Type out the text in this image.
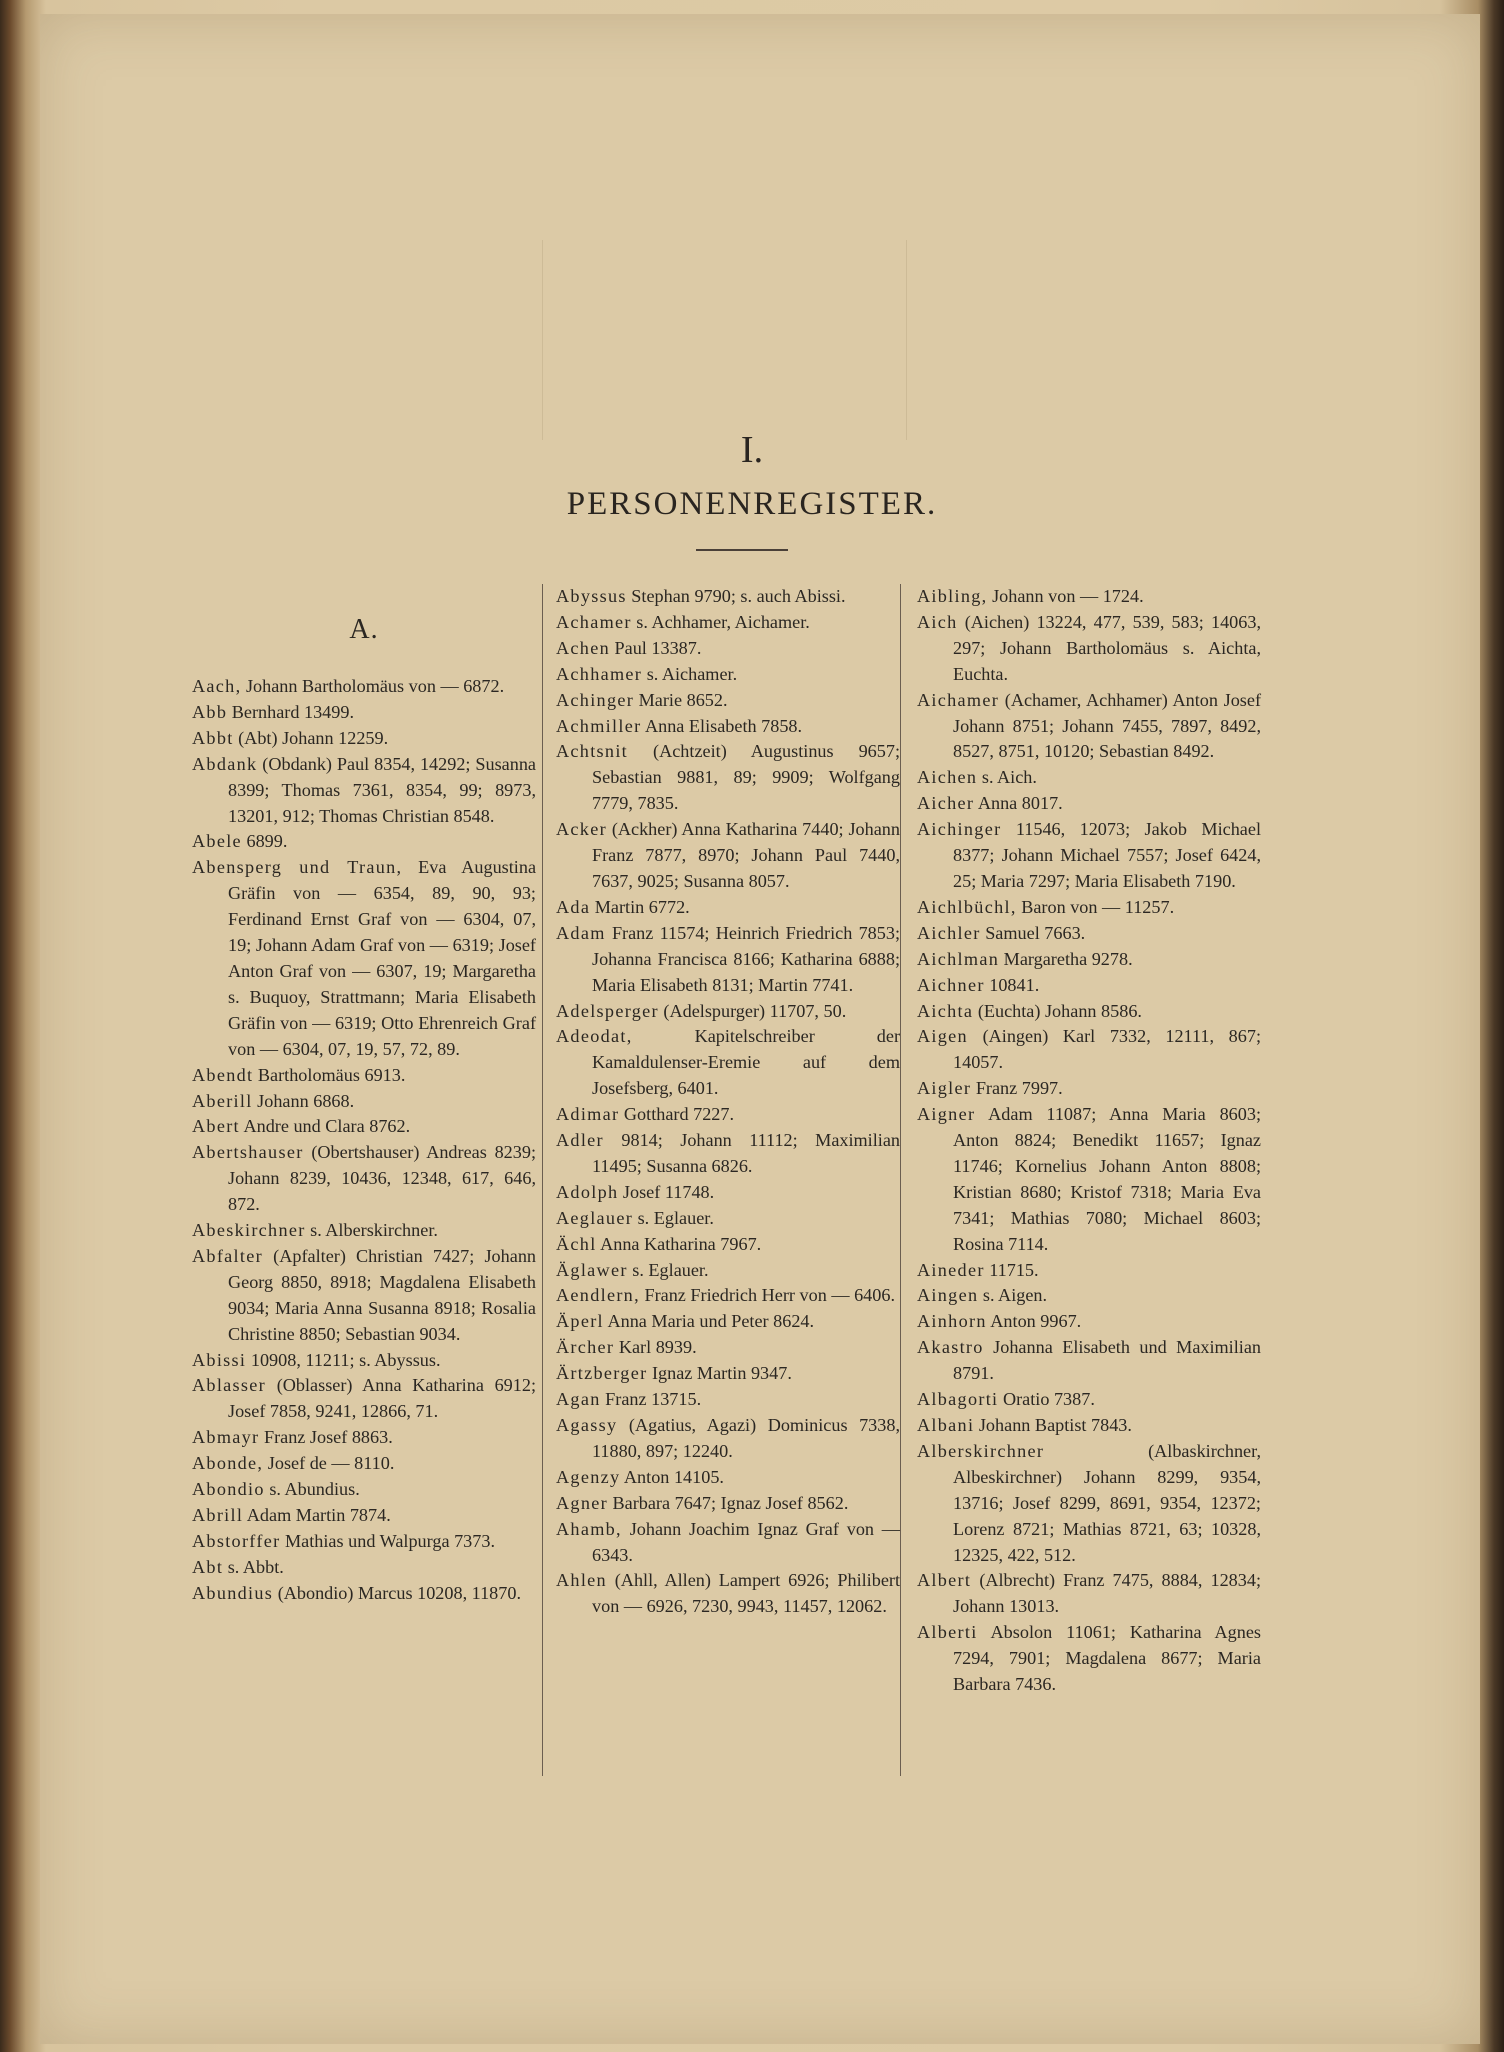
I.
PERSONENREGISTER.
A.
Aach, Johann Bartholomäus von — 6872.
Abb Bernhard 13499.
Abbt (Abt) Johann 12259.
Abdank (Obdank) Paul 8354, 14292; Susanna 8399; Thomas 7361, 8354, 99; 8973, 13201, 912; Thomas Christian 8548.
Abele 6899.
Abensperg und Traun, Eva Augustina Gräfin von — 6354, 89, 90, 93; Ferdinand Ernst Graf von — 6304, 07, 19; Johann Adam Graf von — 6319; Josef Anton Graf von — 6307, 19; Margaretha s. Buquoy, Strattmann; Maria Elisabeth Gräfin von — 6319; Otto Ehrenreich Graf von — 6304, 07, 19, 57, 72, 89.
Abendt Bartholomäus 6913.
Aberill Johann 6868.
Abert Andre und Clara 8762.
Abertshauser (Obertshauser) Andreas 8239; Johann 8239, 10436, 12348, 617, 646, 872.
Abeskirchner s. Alberskirchner.
Abfalter (Apfalter) Christian 7427; Johann Georg 8850, 8918; Magdalena Elisabeth 9034; Maria Anna Susanna 8918; Rosalia Christine 8850; Sebastian 9034.
Abissi 10908, 11211; s. Abyssus.
Ablasser (Oblasser) Anna Katharina 6912; Josef 7858, 9241, 12866, 71.
Abmayr Franz Josef 8863.
Abonde, Josef de — 8110.
Abondio s. Abundius.
Abrill Adam Martin 7874.
Abstorffer Mathias und Walpurga 7373.
Abt s. Abbt.
Abundius (Abondio) Marcus 10208, 11870.
Abyssus Stephan 9790; s. auch Abissi.
Achamer s. Achhamer, Aichamer.
Achen Paul 13387.
Achhamer s. Aichamer.
Achinger Marie 8652.
Achmiller Anna Elisabeth 7858.
Achtsnit (Achtzeit) Augustinus 9657; Sebastian 9881, 89; 9909; Wolfgang 7779, 7835.
Acker (Ackher) Anna Katharina 7440; Johann Franz 7877, 8970; Johann Paul 7440, 7637, 9025; Susanna 8057.
Ada Martin 6772.
Adam Franz 11574; Heinrich Friedrich 7853; Johanna Francisca 8166; Katharina 6888; Maria Elisabeth 8131; Martin 7741.
Adelsperger (Adelspurger) 11707, 50.
Adeodat,	Kapitelschreiber der Kamaldulenser-Eremie auf dem Josefsberg, 6401.
Adimar Gotthard 7227.
Adler 9814; Johann 11112; Maximilian 11495; Susanna 6826.
Adolph Josef 11748.
Aeglauer s. Eglauer.
Ächl Anna Katharina 7967.
Äglawer s. Eglauer.
Aendlern, Franz Friedrich Herr von — 6406.
Äperl Anna Maria und Peter 8624.
Ärcher Karl 8939.
Ärtzberger Ignaz Martin 9347.
Agan Franz 13715.
Agassy (Agatius, Agazi) Dominicus 7338, 11880, 897; 12240.
Agenzy Anton 14105.
Agner Barbara 7647; Ignaz Josef 8562.
Ahamb, Johann Joachim Ignaz Graf von — 6343.
Ahlen (Ahll, Allen) Lampert 6926; Philibert von — 6926, 7230, 9943, 11457, 12062.
Aibling, Johann von — 1724.
Aich (Aichen) 13224, 477, 539, 583; 14063, 297; Johann Bartholomäus s. Aichta, Euchta.
Aichamer (Achamer, Achhamer) Anton Josef Johann 8751; Johann 7455, 7897, 8492, 8527, 8751, 10120; Sebastian 8492.
Aichen s. Aich.
Aicher Anna 8017.
Aichinger 11546, 12073; Jakob Michael 8377; Johann Michael 7557; Josef 6424, 25; Maria 7297; Maria Elisabeth 7190.
Aichlbüchl, Baron von — 11257.
Aichler Samuel 7663.
Aichlman Margaretha 9278.
Aichner 10841.
Aichta (Euchta) Johann 8586.
Aigen (Aingen) Karl 7332, 12111, 867; 14057.
Aigler Franz 7997.
Aigner Adam 11087; Anna Maria 8603; Anton 8824; Benedikt 11657; Ignaz 11746; Kornelius Johann Anton 8808; Kristian 8680; Kristof 7318; Maria Eva 7341; Mathias 7080; Michael 8603; Rosina 7114.
Aineder 11715.
Aingen s. Aigen.
Ainhorn Anton 9967.
Akastro Johanna Elisabeth und Maximilian 8791.
Albagorti Oratio 7387.
Albani Johann Baptist 7843.
Alberskirchner	(Albaskirchner, Albeskirchner) Johann 8299, 9354, 13716; Josef 8299, 8691, 9354, 12372; Lorenz 8721; Mathias 8721, 63; 10328, 12325, 422, 512.
Albert (Albrecht) Franz 7475, 8884, 12834; Johann 13013.
Alberti Absolon 11061; Katharina Agnes 7294, 7901; Magdalena 8677; Maria Barbara 7436.
